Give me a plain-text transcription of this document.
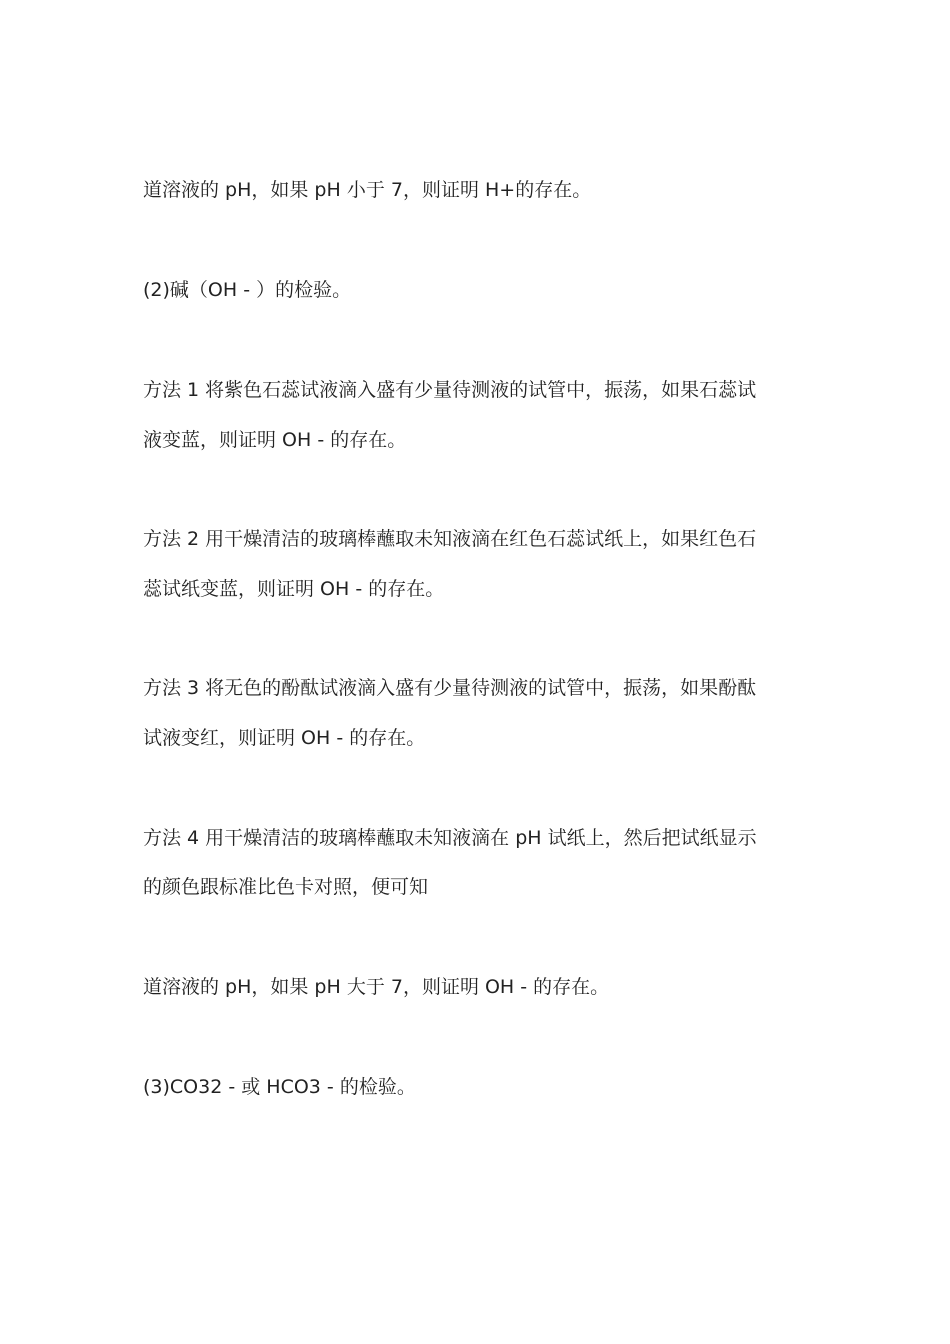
道溶液的 pH，如果 pH 小于 7，则证明 H+的存在。
(2)碱（OH - ）的检验。
方法 1 将紫色石蕊试液滴入盛有少量待测液的试管中，振荡，如果石蕊试
液变蓝，则证明 OH - 的存在。
方法 2 用干燥清洁的玻璃棒蘸取未知液滴在红色石蕊试纸上，如果红色石
蕊试纸变蓝，则证明 OH - 的存在。
方法 3 将无色的酚酞试液滴入盛有少量待测液的试管中，振荡，如果酚酞
试液变红，则证明 OH - 的存在。
方法 4 用干燥清洁的玻璃棒蘸取未知液滴在 pH 试纸上，然后把试纸显示
的颜色跟标准比色卡对照，便可知
道溶液的 pH，如果 pH 大于 7，则证明 OH - 的存在。
(3)CO32 - 或 HCO3 - 的检验。
